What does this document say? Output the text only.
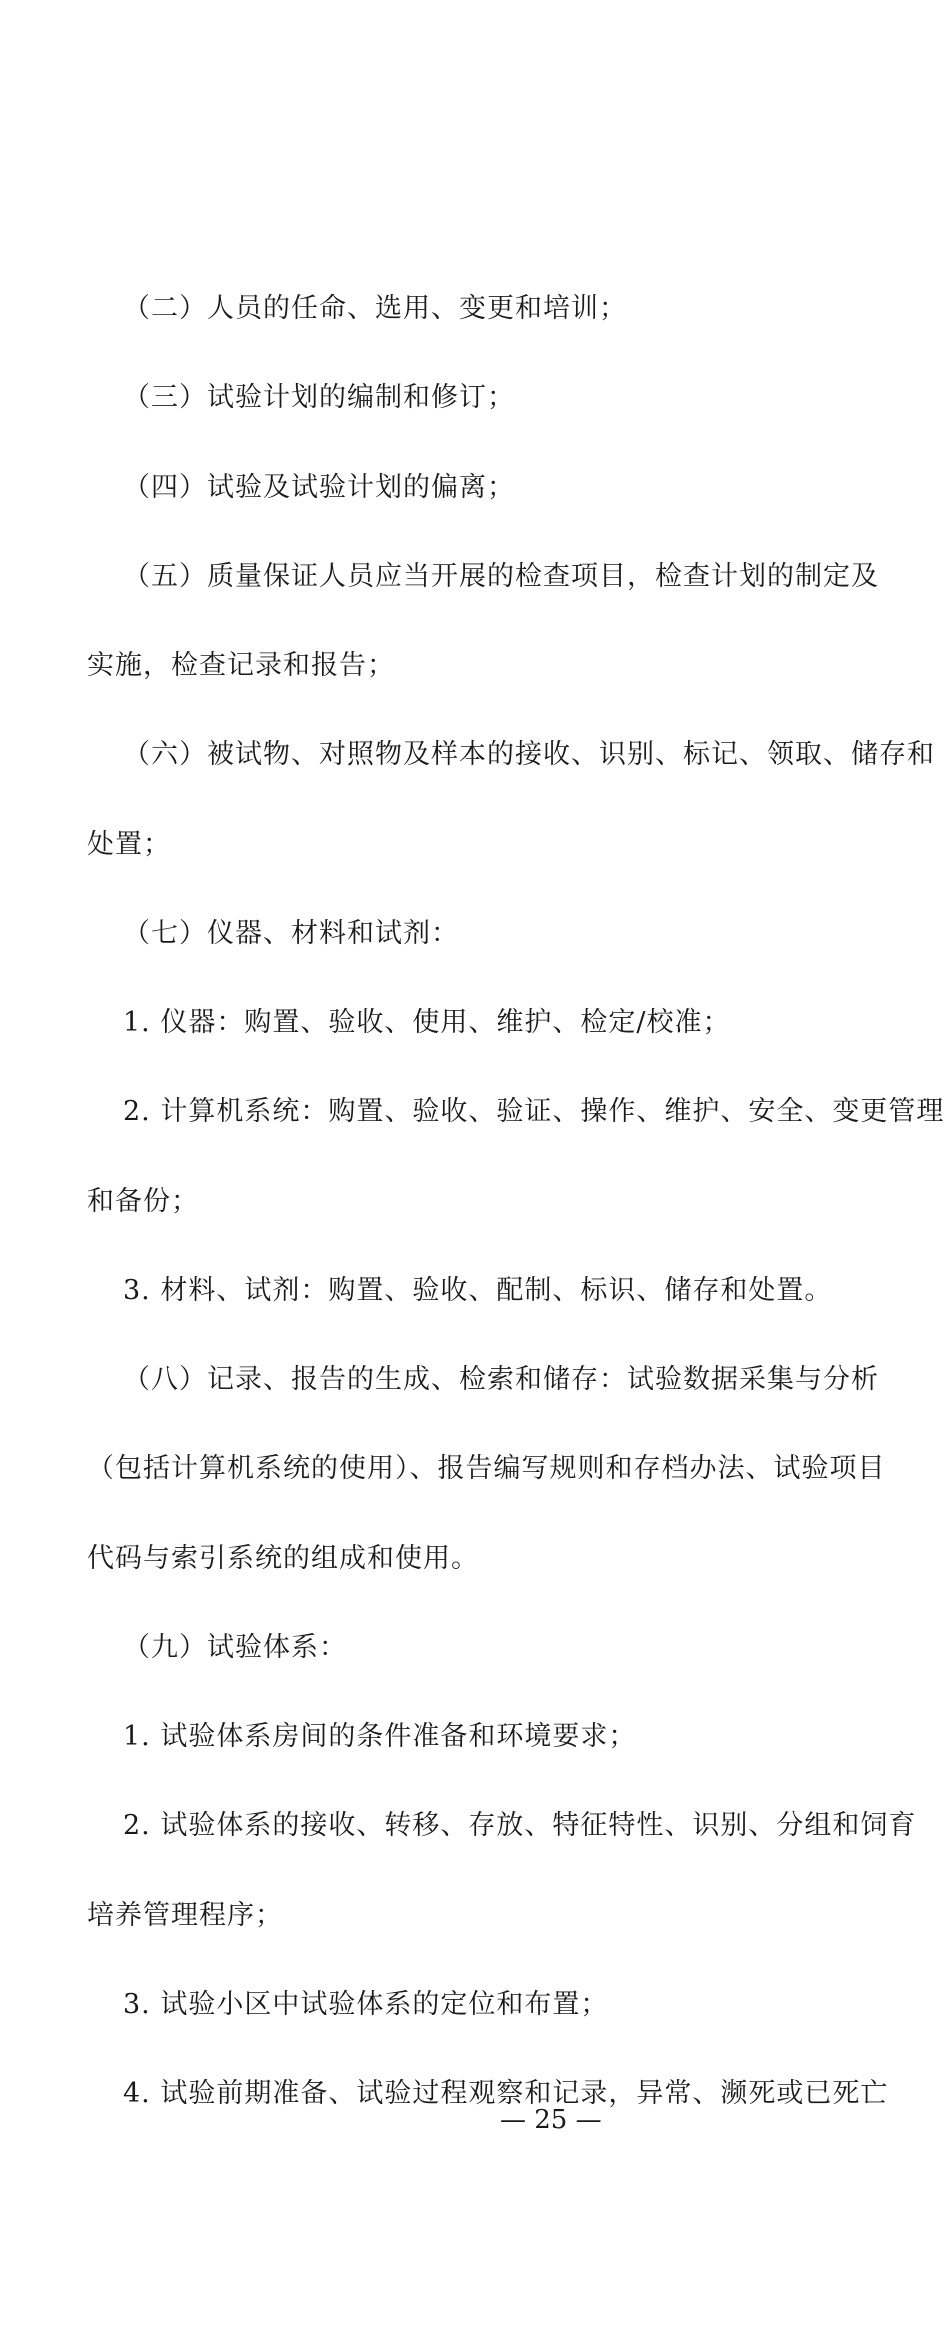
（二）人员的任命、选用、变更和培训；
（三）试验计划的编制和修订；
（四）试验及试验计划的偏离；
（五）质量保证人员应当开展的检查项目，检查计划的制定及
实施，检查记录和报告；
（六）被试物、对照物及样本的接收、识别、标记、领取、储存和
处置；
（七）仪器、材料和试剂：
1. 仪器：购置、验收、使用、维护、检定/校准；
2. 计算机系统：购置、验收、验证、操作、维护、安全、变更管理
和备份；
3. 材料、试剂：购置、验收、配制、标识、储存和处置。
（八）记录、报告的生成、检索和储存：试验数据采集与分析
（包括计算机系统的使用）、报告编写规则和存档办法、试验项目
代码与索引系统的组成和使用。
（九）试验体系：
1. 试验体系房间的条件准备和环境要求；
2. 试验体系的接收、转移、存放、特征特性、识别、分组和饲育
培养管理程序；
3. 试验小区中试验体系的定位和布置；
4. 试验前期准备、试验过程观察和记录，异常、濒死或已死亡
— 25 —
